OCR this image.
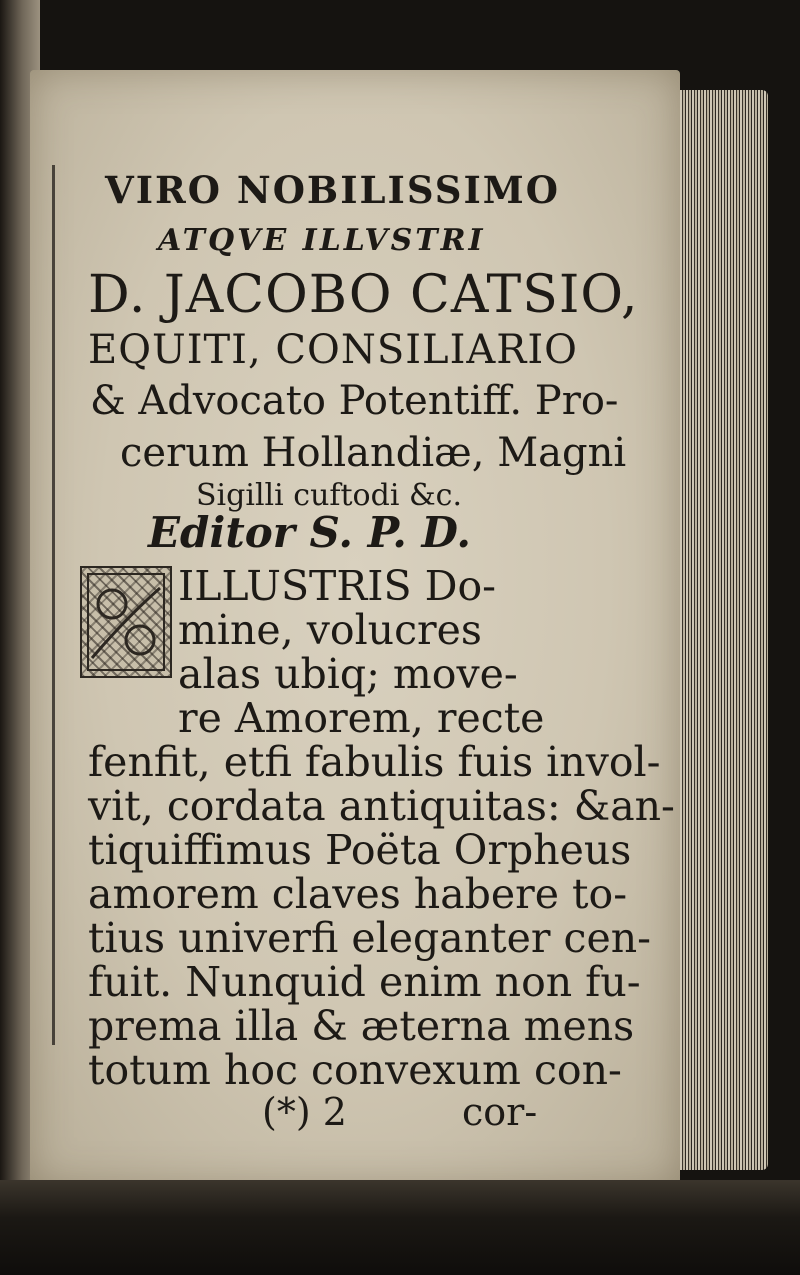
VIRO NOBILISSIMO
ATQVE ILLVSTRI
D. JACOBO CATSIO,
EQUITI, CONSILIARIO
& Advocato Potentiff. Pro-
cerum Hollandiæ, Magni
Sigilli cuftodi &c.
Editor S. P. D.
ILLUSTRIS Do-
mine, volucres
alas ubiq; move-
re Amorem, recte
fenfit, etfi fabulis fuis invol-
vit, cordata antiquitas: &an-
tiquiffimus Poëta Orpheus
amorem claves habere to-
tius univerfi eleganter cen-
fuit. Nunquid enim non fu-
prema illa & æterna mens
totum hoc convexum con-
(*) 2	cor-
